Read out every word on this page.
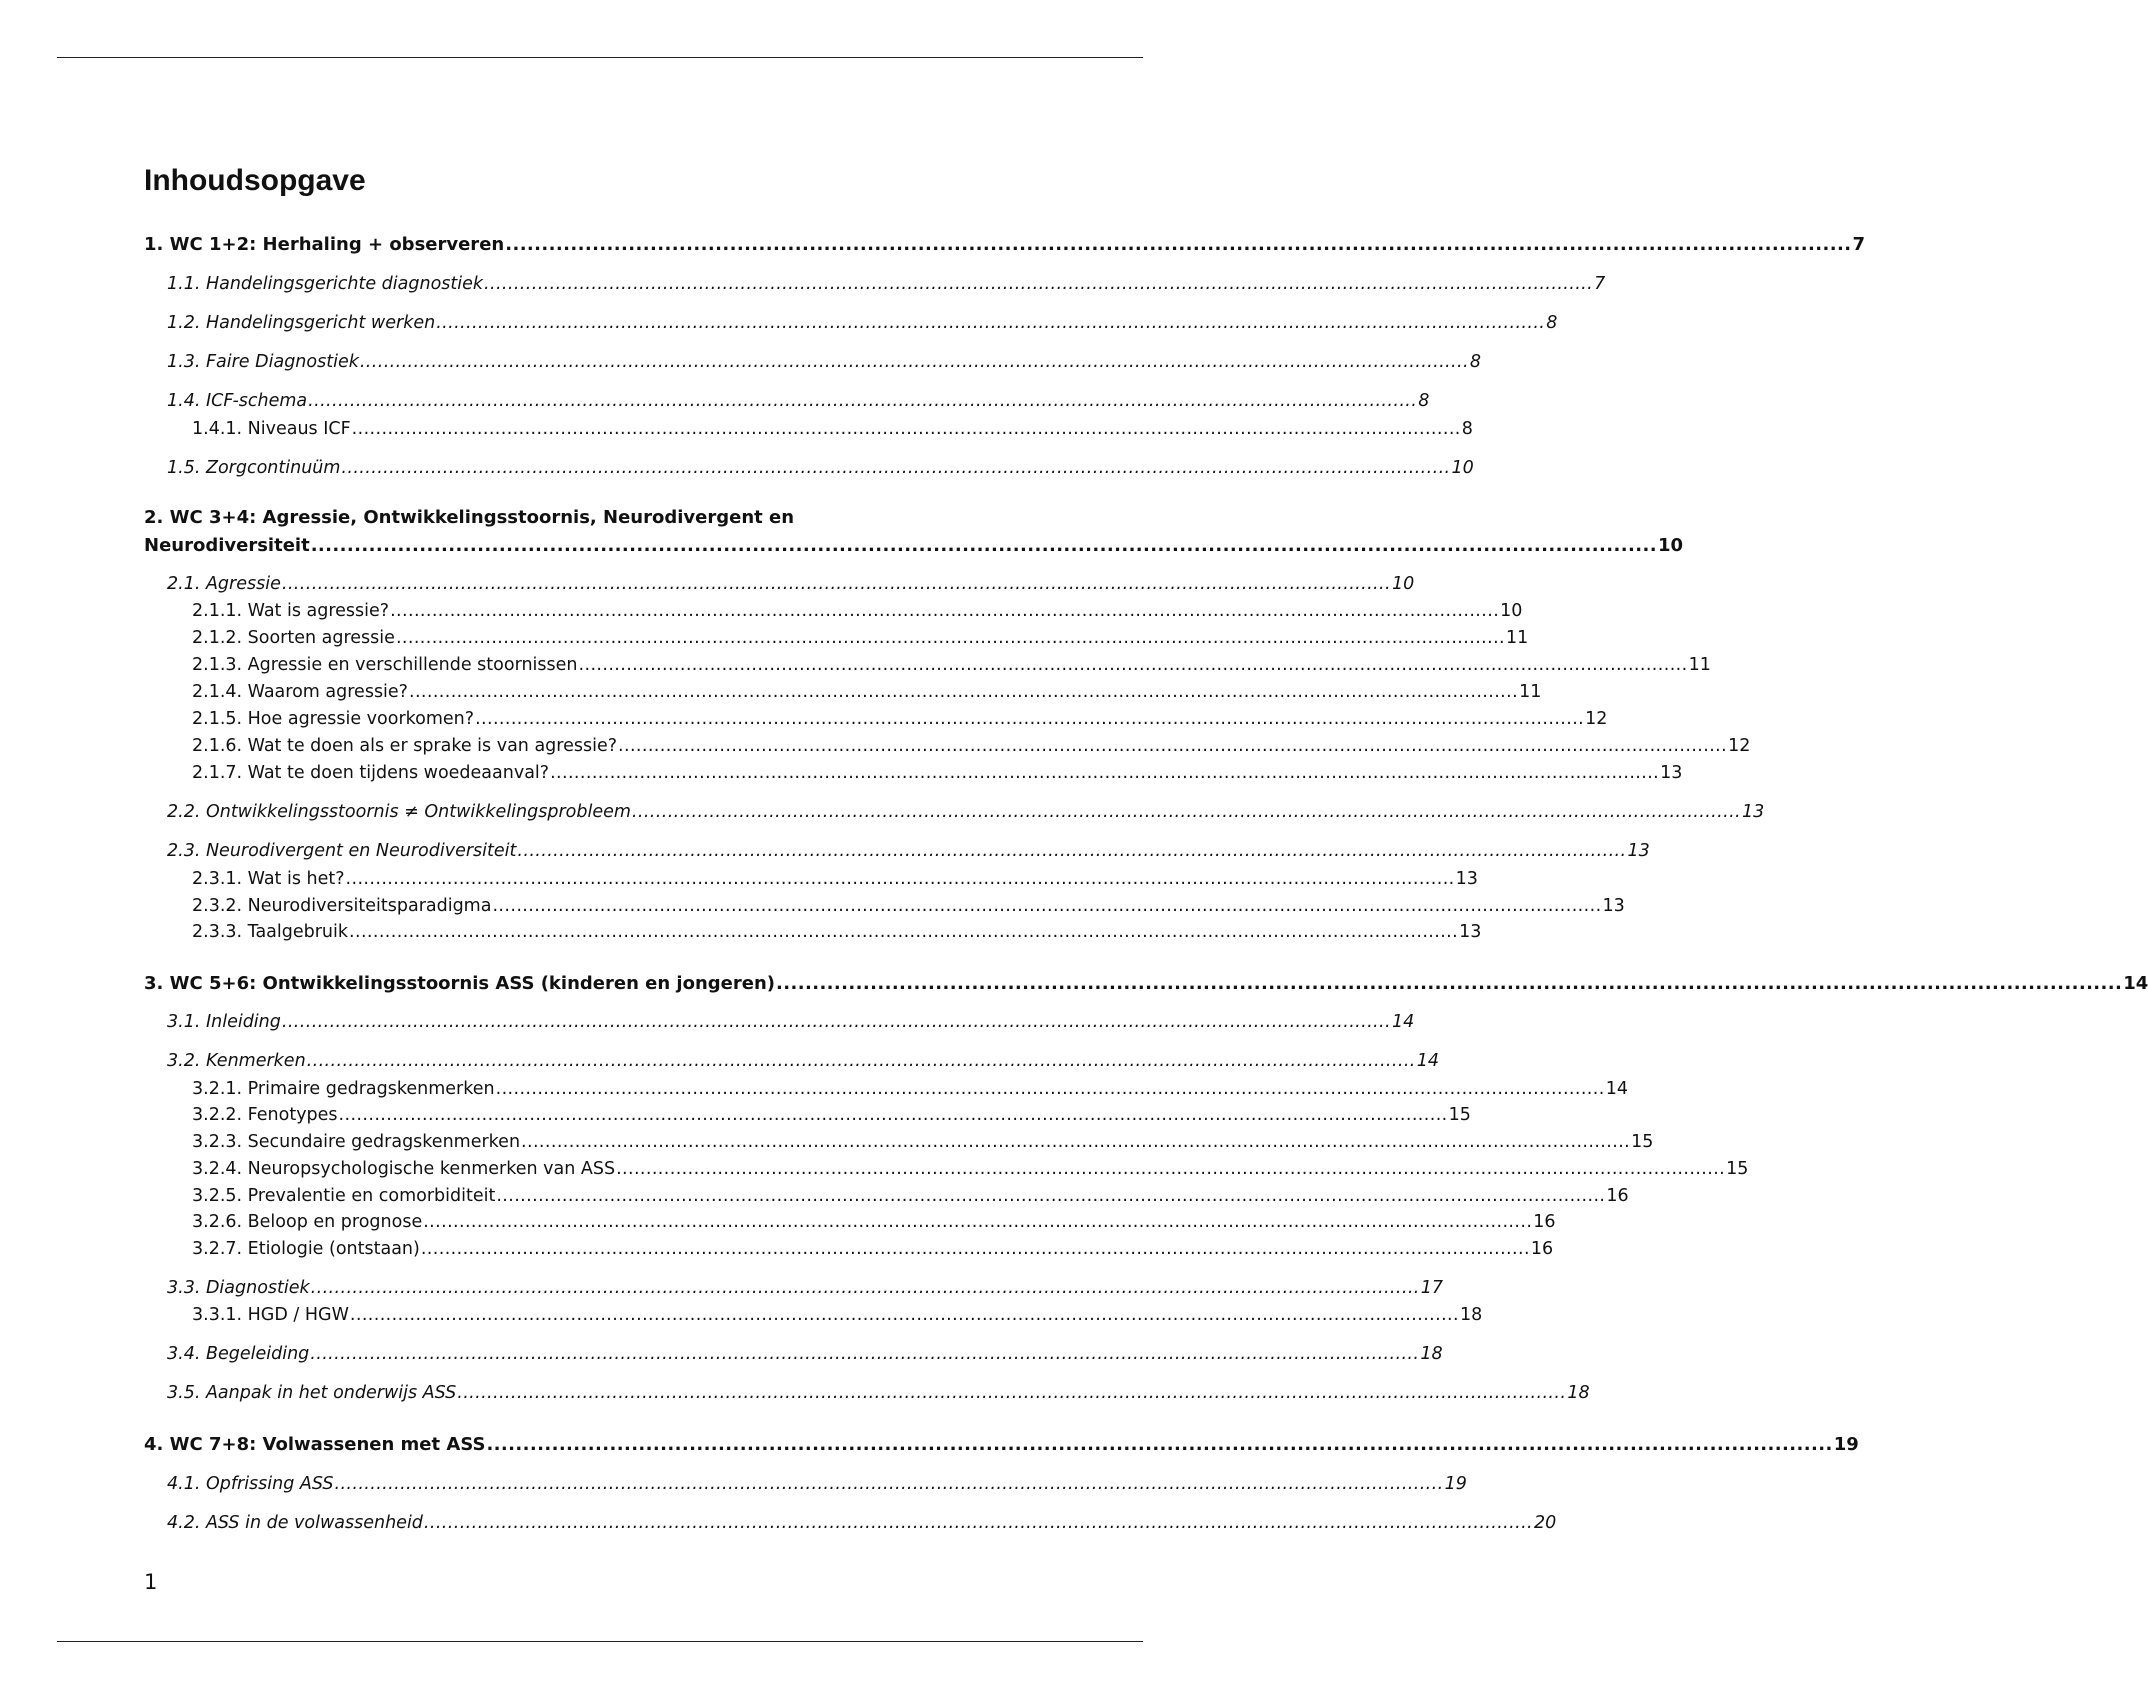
Inhoudsopgave
1. WC 1+2: Herhaling + observeren .......................................................................................................................................................................................... 7
1.1. Handelingsgerichte diagnostiek .......................................................................................................................................................................................... 7
1.2. Handelingsgericht werken .......................................................................................................................................................................................... 8
1.3. Faire Diagnostiek .......................................................................................................................................................................................... 8
1.4. ICF-schema .......................................................................................................................................................................................... 8
1.4.1. Niveaus ICF .......................................................................................................................................................................................... 8
1.5. Zorgcontinuüm .......................................................................................................................................................................................... 10
2. WC 3+4: Agressie, Ontwikkelingsstoornis, Neurodivergent en
Neurodiversiteit .......................................................................................................................................................................................... 10
2.1. Agressie .......................................................................................................................................................................................... 10
2.1.1. Wat is agressie? .......................................................................................................................................................................................... 10
2.1.2. Soorten agressie .......................................................................................................................................................................................... 11
2.1.3. Agressie en verschillende stoornissen .......................................................................................................................................................................................... 11
2.1.4. Waarom agressie? .......................................................................................................................................................................................... 11
2.1.5. Hoe agressie voorkomen? .......................................................................................................................................................................................... 12
2.1.6. Wat te doen als er sprake is van agressie? .......................................................................................................................................................................................... 12
2.1.7. Wat te doen tijdens woedeaanval? .......................................................................................................................................................................................... 13
2.2. Ontwikkelingsstoornis ≠ Ontwikkelingsprobleem .......................................................................................................................................................................................... 13
2.3. Neurodivergent en Neurodiversiteit .......................................................................................................................................................................................... 13
2.3.1. Wat is het? .......................................................................................................................................................................................... 13
2.3.2. Neurodiversiteitsparadigma .......................................................................................................................................................................................... 13
2.3.3. Taalgebruik .......................................................................................................................................................................................... 13
3. WC 5+6: Ontwikkelingsstoornis ASS (kinderen en jongeren) .......................................................................................................................................................................................... 14
3.1. Inleiding .......................................................................................................................................................................................... 14
3.2. Kenmerken .......................................................................................................................................................................................... 14
3.2.1. Primaire gedragskenmerken .......................................................................................................................................................................................... 14
3.2.2. Fenotypes .......................................................................................................................................................................................... 15
3.2.3. Secundaire gedragskenmerken .......................................................................................................................................................................................... 15
3.2.4. Neuropsychologische kenmerken van ASS .......................................................................................................................................................................................... 15
3.2.5. Prevalentie en comorbiditeit .......................................................................................................................................................................................... 16
3.2.6. Beloop en prognose .......................................................................................................................................................................................... 16
3.2.7. Etiologie (ontstaan) .......................................................................................................................................................................................... 16
3.3. Diagnostiek .......................................................................................................................................................................................... 17
3.3.1. HGD / HGW .......................................................................................................................................................................................... 18
3.4. Begeleiding .......................................................................................................................................................................................... 18
3.5. Aanpak in het onderwijs ASS .......................................................................................................................................................................................... 18
4. WC 7+8: Volwassenen met ASS .......................................................................................................................................................................................... 19
4.1. Opfrissing ASS .......................................................................................................................................................................................... 19
4.2. ASS in de volwassenheid .......................................................................................................................................................................................... 20
1
